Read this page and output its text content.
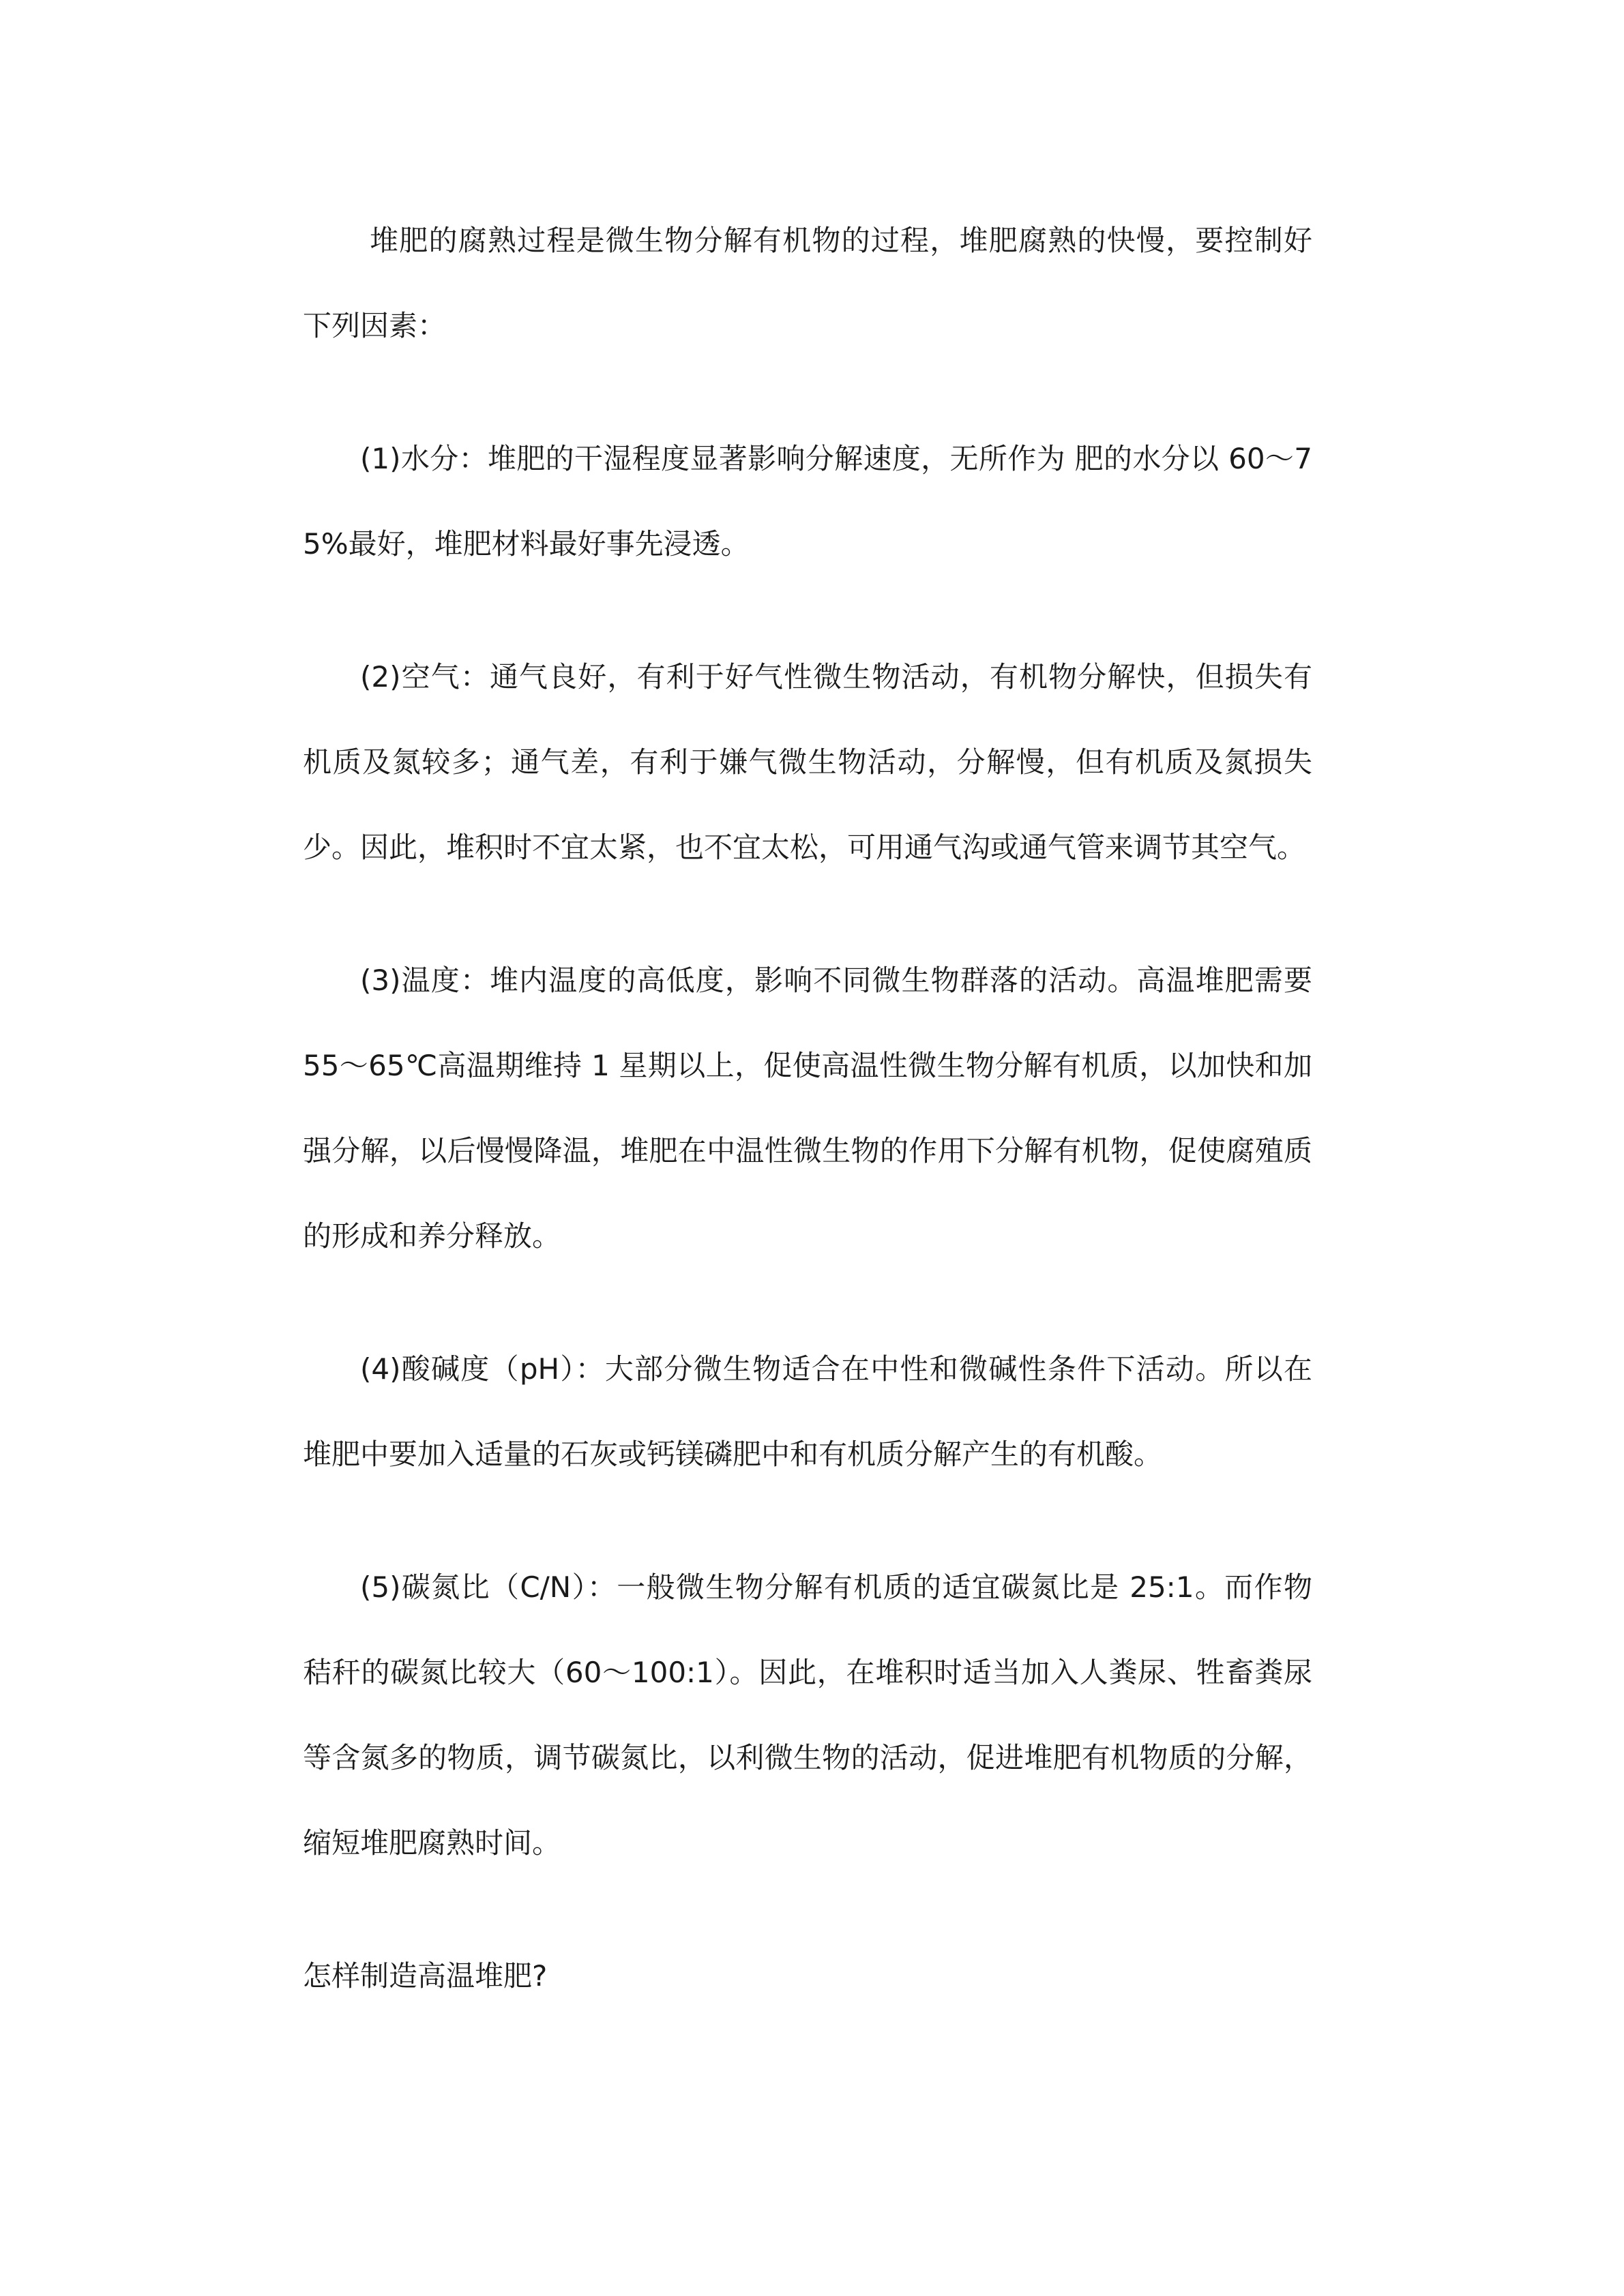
堆肥的腐熟过程是微生物分解有机物的过程，堆肥腐熟的快慢，要控制好下列因素：

(1)水分：堆肥的干湿程度显著影响分解速度，无所作为 肥的水分以 60～75%最好，堆肥材料最好事先浸透。

(2)空气：通气良好，有利于好气性微生物活动，有机物分解快，但损失有机质及氮较多；通气差，有利于嫌气微生物活动，分解慢，但有机质及氮损失少。因此，堆积时不宜太紧，也不宜太松，可用通气沟或通气管来调节其空气。

(3)温度：堆内温度的高低度，影响不同微生物群落的活动。高温堆肥需要 55～65℃高温期维持 1 星期以上，促使高温性微生物分解有机质，以加快和加强分解，以后慢慢降温，堆肥在中温性微生物的作用下分解有机物，促使腐殖质的形成和养分释放。

(4)酸碱度（pH）：大部分微生物适合在中性和微碱性条件下活动。所以在堆肥中要加入适量的石灰或钙镁磷肥中和有机质分解产生的有机酸。

(5)碳氮比（C/N）：一般微生物分解有机质的适宜碳氮比是 25:1。而作物秸秆的碳氮比较大（60～100:1）。因此，在堆积时适当加入人粪尿、牲畜粪尿等含氮多的物质，调节碳氮比，以利微生物的活动，促进堆肥有机物质的分解，缩短堆肥腐熟时间。

怎样制造高温堆肥?
